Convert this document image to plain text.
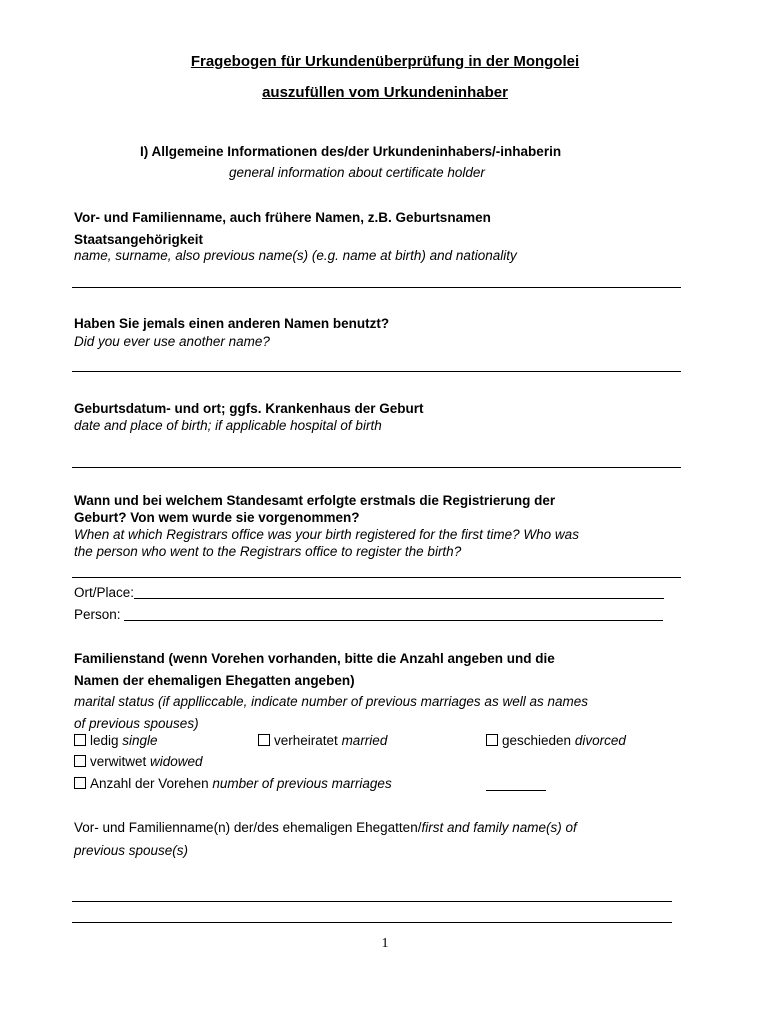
Fragebogen für Urkundenüberprüfung in der Mongolei
auszufüllen vom Urkundeninhaber
I) Allgemeine Informationen des/der Urkundeninhabers/-inhaberin
general information about certificate holder
Vor- und Familienname, auch frühere Namen, z.B. Geburtsnamen
Staatsangehörigkeit
name, surname, also previous name(s) (e.g. name at birth) and nationality
Haben Sie jemals einen anderen Namen benutzt?
Did you ever use another name?
Geburtsdatum- und ort; ggfs. Krankenhaus der Geburt
date and place of birth; if applicable hospital of birth
Wann und bei welchem Standesamt erfolgte erstmals die Registrierung der
Geburt? Von wem wurde sie vorgenommen?
When at which Registrars office was your birth registered for the first time? Who was
the person who went to the Registrars office to register the birth?
Ort/Place:
Person:
Familienstand (wenn Vorehen vorhanden, bitte die Anzahl angeben und die
Namen der ehemaligen Ehegatten angeben)
marital status (if applliccable, indicate number of previous marriages as well as names
of previous spouses)
ledig single	verheiratet married	geschieden divorced
verwitwet widowed
Anzahl der Vorehen number of previous marriages
Vor- und Familienname(n) der/des ehemaligen Ehegatten/first and family name(s) of
previous spouse(s)
1
